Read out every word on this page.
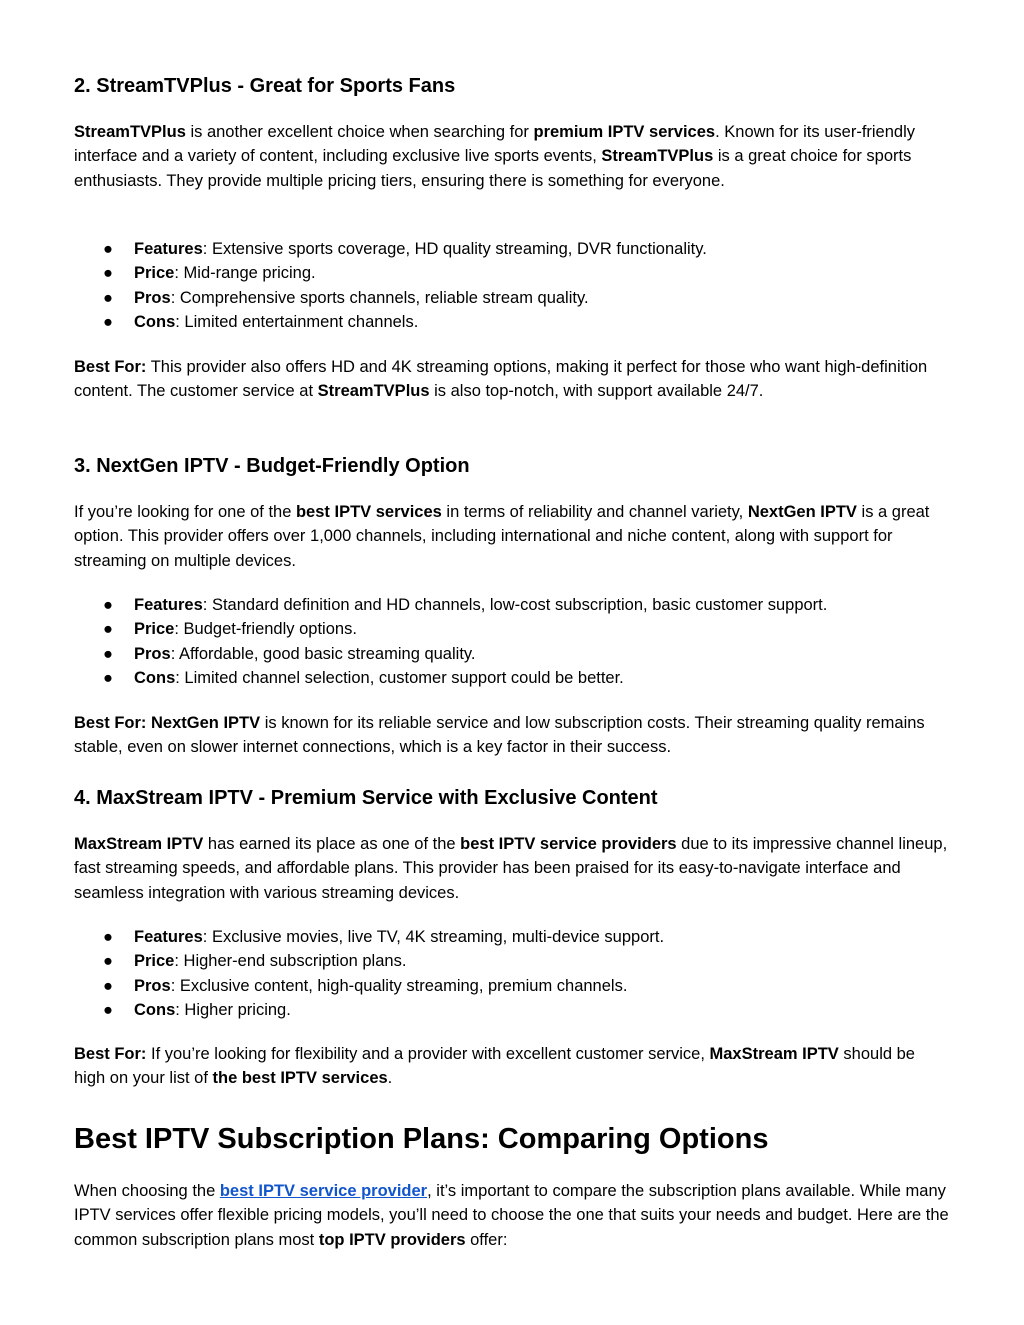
2. StreamTVPlus - Great for Sports Fans

StreamTVPlus is another excellent choice when searching for premium IPTV services. Known for its user-friendly interface and a variety of content, including exclusive live sports events, StreamTVPlus is a great choice for sports enthusiasts. They provide multiple pricing tiers, ensuring there is something for everyone.

● Features: Extensive sports coverage, HD quality streaming, DVR functionality.
● Price: Mid-range pricing.
● Pros: Comprehensive sports channels, reliable stream quality.
● Cons: Limited entertainment channels.

Best For: This provider also offers HD and 4K streaming options, making it perfect for those who want high-definition content. The customer service at StreamTVPlus is also top-notch, with support available 24/7.

3. NextGen IPTV - Budget-Friendly Option

If you’re looking for one of the best IPTV services in terms of reliability and channel variety, NextGen IPTV is a great option. This provider offers over 1,000 channels, including international and niche content, along with support for streaming on multiple devices.

● Features: Standard definition and HD channels, low-cost subscription, basic customer support.
● Price: Budget-friendly options.
● Pros: Affordable, good basic streaming quality.
● Cons: Limited channel selection, customer support could be better.

Best For: NextGen IPTV is known for its reliable service and low subscription costs. Their streaming quality remains stable, even on slower internet connections, which is a key factor in their success.

4. MaxStream IPTV - Premium Service with Exclusive Content

MaxStream IPTV has earned its place as one of the best IPTV service providers due to its impressive channel lineup, fast streaming speeds, and affordable plans. This provider has been praised for its easy-to-navigate interface and seamless integration with various streaming devices.

● Features: Exclusive movies, live TV, 4K streaming, multi-device support.
● Price: Higher-end subscription plans.
● Pros: Exclusive content, high-quality streaming, premium channels.
● Cons: Higher pricing.

Best For: If you’re looking for flexibility and a provider with excellent customer service, MaxStream IPTV should be high on your list of the best IPTV services.

Best IPTV Subscription Plans: Comparing Options

When choosing the best IPTV service provider, it’s important to compare the subscription plans available. While many IPTV services offer flexible pricing models, you’ll need to choose the one that suits your needs and budget. Here are the common subscription plans most top IPTV providers offer:
